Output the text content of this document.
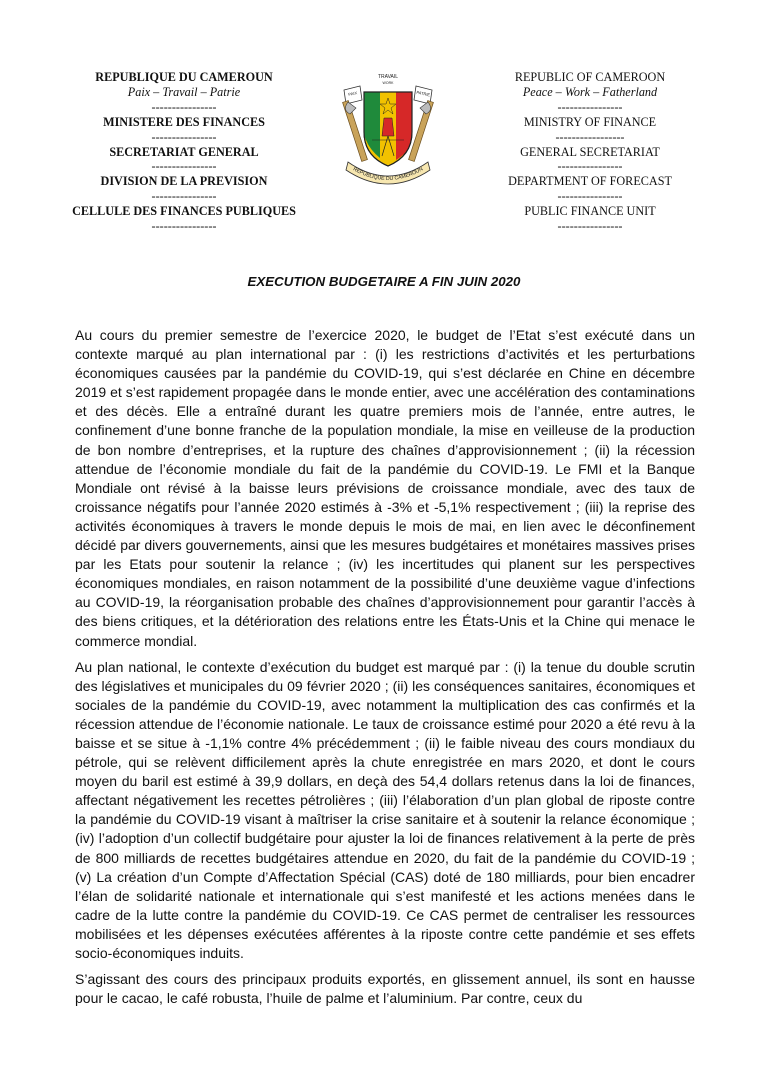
REPUBLIQUE DU CAMEROUN
Paix – Travail – Patrie
----------------
MINISTERE DES FINANCES
----------------
SECRETARIAT GENERAL
----------------
DIVISION DE LA PREVISION
----------------
CELLULE DES FINANCES PUBLIQUES
----------------
TRAVAIL
WORK
PAIX	PATRIE
REPUBLIQUE DU CAMEROUN
REPUBLIC OF CAMEROON
Peace – Work – Fatherland
----------------
MINISTRY OF FINANCE
-----------------
GENERAL SECRETARIAT
----------------
DEPARTMENT OF FORECAST
----------------
PUBLIC FINANCE UNIT
----------------
EXECUTION BUDGETAIRE A FIN JUIN 2020

Au cours du premier semestre de l’exercice 2020, le budget de l’Etat s’est exécuté dans un contexte marqué au plan international par : (i) les restrictions d’activités et les perturbations économiques causées par la pandémie du COVID-19, qui s’est déclarée en Chine en décembre 2019 et s’est rapidement propagée dans le monde entier, avec une accélération des contaminations et des décès. Elle a entraîné durant les quatre premiers mois de l’année, entre autres, le confinement d’une bonne franche de la population mondiale, la mise en veilleuse de la production de bon nombre d’entreprises, et la rupture des chaînes d’approvisionnement ; (ii) la récession attendue de l’économie mondiale du fait de la pandémie du COVID-19. Le FMI et la Banque Mondiale ont révisé à la baisse leurs prévisions de croissance mondiale, avec des taux de croissance négatifs pour l’année 2020 estimés à -3% et -5,1% respectivement ; (iii) la reprise des activités économiques à travers le monde depuis le mois de mai, en lien avec le déconfinement décidé par divers gouvernements, ainsi que les mesures budgétaires et monétaires massives prises par les Etats pour soutenir la relance ; (iv) les incertitudes qui planent sur les perspectives économiques mondiales, en raison notamment de la possibilité d’une deuxième vague d’infections au COVID-19, la réorganisation probable des chaînes d’approvisionnement pour garantir l’accès à des biens critiques, et la détérioration des relations entre les États-Unis et la Chine qui menace le commerce mondial.

Au plan national, le contexte d’exécution du budget est marqué par : (i) la tenue du double scrutin des législatives et municipales du 09 février 2020 ; (ii) les conséquences sanitaires, économiques et sociales de la pandémie du COVID-19, avec notamment la multiplication des cas confirmés et la récession attendue de l’économie nationale. Le taux de croissance estimé pour 2020 a été revu à la baisse et se situe à -1,1% contre 4% précédemment ; (ii) le faible niveau des cours mondiaux du pétrole, qui se relèvent difficilement après la chute enregistrée en mars 2020, et dont le cours moyen du baril est estimé à 39,9 dollars, en deçà des 54,4 dollars retenus dans la loi de finances, affectant négativement les recettes pétrolières ; (iii) l’élaboration d’un plan global de riposte contre la pandémie du COVID-19 visant à maîtriser la crise sanitaire et à soutenir la relance économique ; (iv) l’adoption d’un collectif budgétaire pour ajuster la loi de finances relativement à la perte de près de 800 milliards de recettes budgétaires attendue en 2020, du fait de la pandémie du COVID-19 ; (v) La création d’un Compte d’Affectation Spécial (CAS) doté de 180 milliards, pour bien encadrer l’élan de solidarité nationale et internationale qui s’est manifesté et les actions menées dans le cadre de la lutte contre la pandémie du COVID-19. Ce CAS permet de centraliser les ressources mobilisées et les dépenses exécutées afférentes à la riposte contre cette pandémie et ses effets socio-économiques induits.

S’agissant des cours des principaux produits exportés, en glissement annuel, ils sont en hausse pour le cacao, le café robusta, l’huile de palme et l’aluminium. Par contre, ceux du
